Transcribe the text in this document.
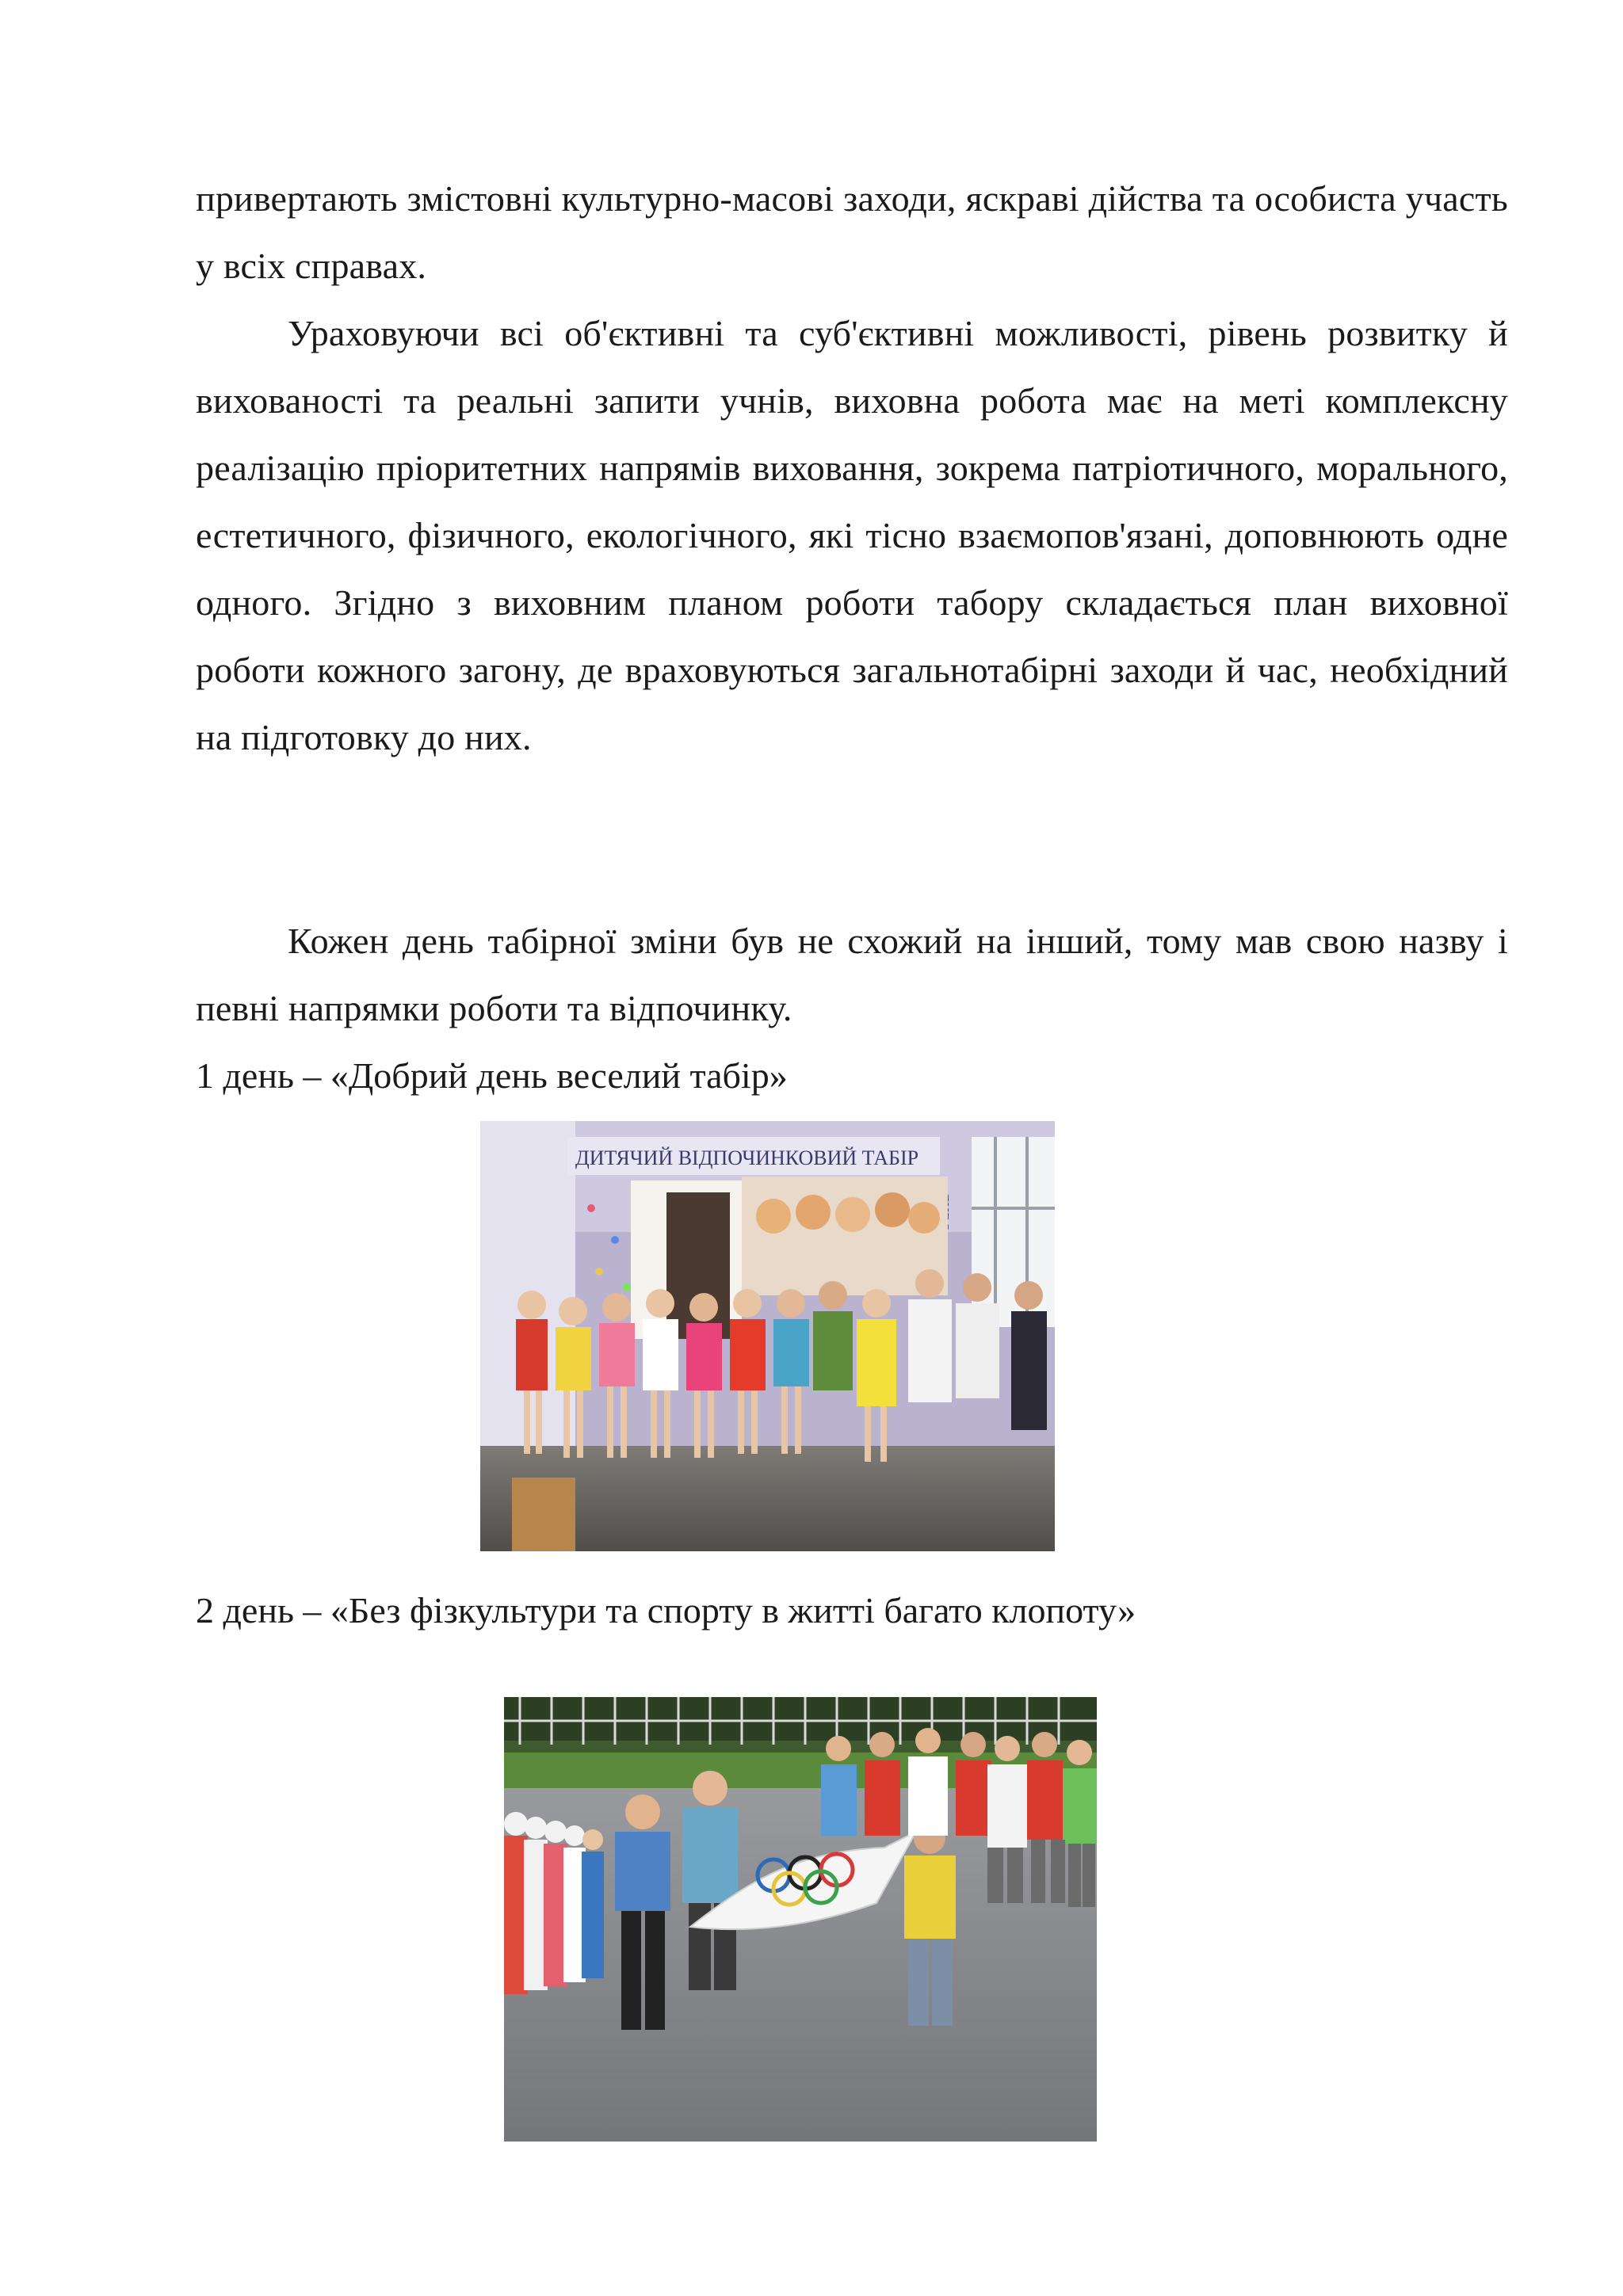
привертають змістовні культурно-масові заходи, яскраві дійства та особиста участь у всіх справах.

Ураховуючи всі об'єктивні та суб'єктивні можливості, рівень розвитку й вихованості та реальні запити учнів, виховна робота має на меті комплексну реалізацію пріоритетних напрямів виховання, зокрема патріотичного, морального, естетичного, фізичного, екологічного, які тісно взаємопов'язані, доповнюють одне одного. Згідно з виховним планом роботи табору складається план виховної роботи кожного загону, де враховуються загальнотабірні заходи й час, необхідний на підготовку до них.

Кожен день табірної зміни був не схожий на інший, тому мав свою назву і певні напрямки роботи та відпочинку.

1 день – «Добрий день веселий табір»

ДИТЯЧИЙ ВІДПОЧИНКОВИЙ ТАБІР

2 день – «Без фізкультури та спорту в житті багато клопоту»
